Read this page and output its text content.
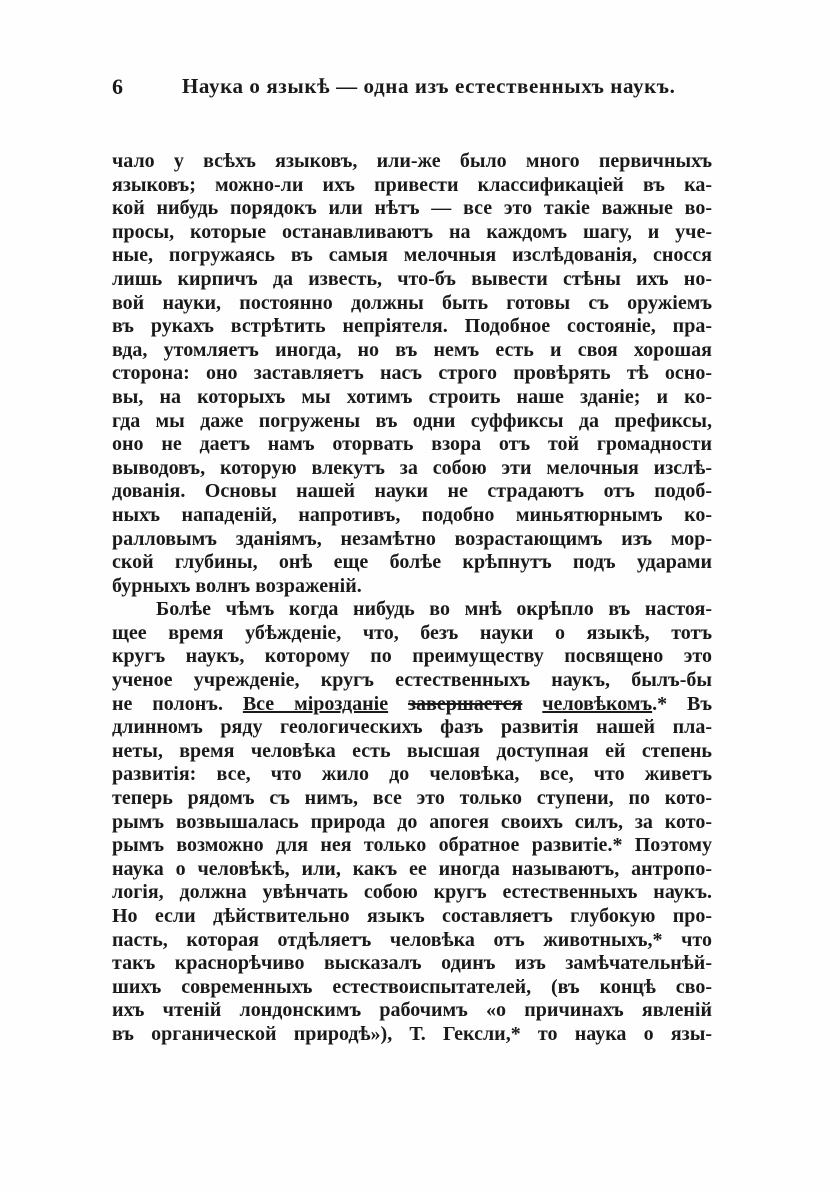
6	Наука о языкѣ — одна изъ естественныхъ наукъ.
чало у всѣхъ языковъ, или-же было много первичныхъ
языковъ; можно-ли ихъ привести классификаціей въ ка-
кой нибудь порядокъ или нѣтъ — все это такіе важные во-
просы, которые останавливаютъ на каждомъ шагу, и уче-
ные, погружаясь въ самыя мелочныя изслѣдованія, сносся
лишь кирпичъ да известь, что-бъ вывести стѣны ихъ но-
вой науки, постоянно должны быть готовы съ оружіемъ
въ рукахъ встрѣтить непріятеля. Подобное состояніе, пра-
вда, утомляетъ иногда, но въ немъ есть и своя хорошая
сторона: оно заставляетъ насъ строго провѣрять тѣ осно-
вы, на которыхъ мы хотимъ строить наше зданіе; и ко-
гда мы даже погружены въ одни суффиксы да префиксы,
оно не даетъ намъ оторвать взора отъ той громадности
выводовъ, которую влекутъ за собою эти мелочныя изслѣ-
дованія. Основы нашей науки не страдаютъ отъ подоб-
ныхъ нападеній, напротивъ, подобно миньятюрнымъ ко-
ралловымъ зданіямъ, незамѣтно возрастающимъ изъ мор-
ской глубины, онѣ еще болѣе крѣпнутъ подъ ударами
бурныхъ волнъ возраженій.
Болѣе чѣмъ когда нибудь во мнѣ окрѣпло въ настоя-
щее время убѣжденіе, что, безъ науки о языкѣ, тотъ
кругъ наукъ, которому по преимуществу посвящено это
ученое учрежденіе, кругъ естественныхъ наукъ, былъ-бы
не полонъ. Все мірозданіе завершается человѣкомъ.* Въ
длинномъ ряду геологическихъ фазъ развитія нашей пла-
неты, время человѣка есть высшая доступная ей степень
развитія: все, что жило до человѣка, все, что живетъ
теперь рядомъ съ нимъ, все это только ступени, по кото-
рымъ возвышалась природа до апогея своихъ силъ, за кото-
рымъ возможно для нея только обратное развитіе.* Поэтому
наука о человѣкѣ, или, какъ ее иногда называютъ, антропо-
логія, должна увѣнчать собою кругъ естественныхъ наукъ.
Но если дѣйствительно языкъ составляетъ глубокую про-
пасть, которая отдѣляетъ человѣка отъ животныхъ,* что
такъ краснорѣчиво высказалъ одинъ изъ замѣчательнѣй-
шихъ современныхъ естествоиспытателей, (въ концѣ сво-
ихъ чтеній лондонскимъ рабочимъ «о причинахъ явленій
въ органической природѣ»), Т. Гексли,* то наука о язы-
